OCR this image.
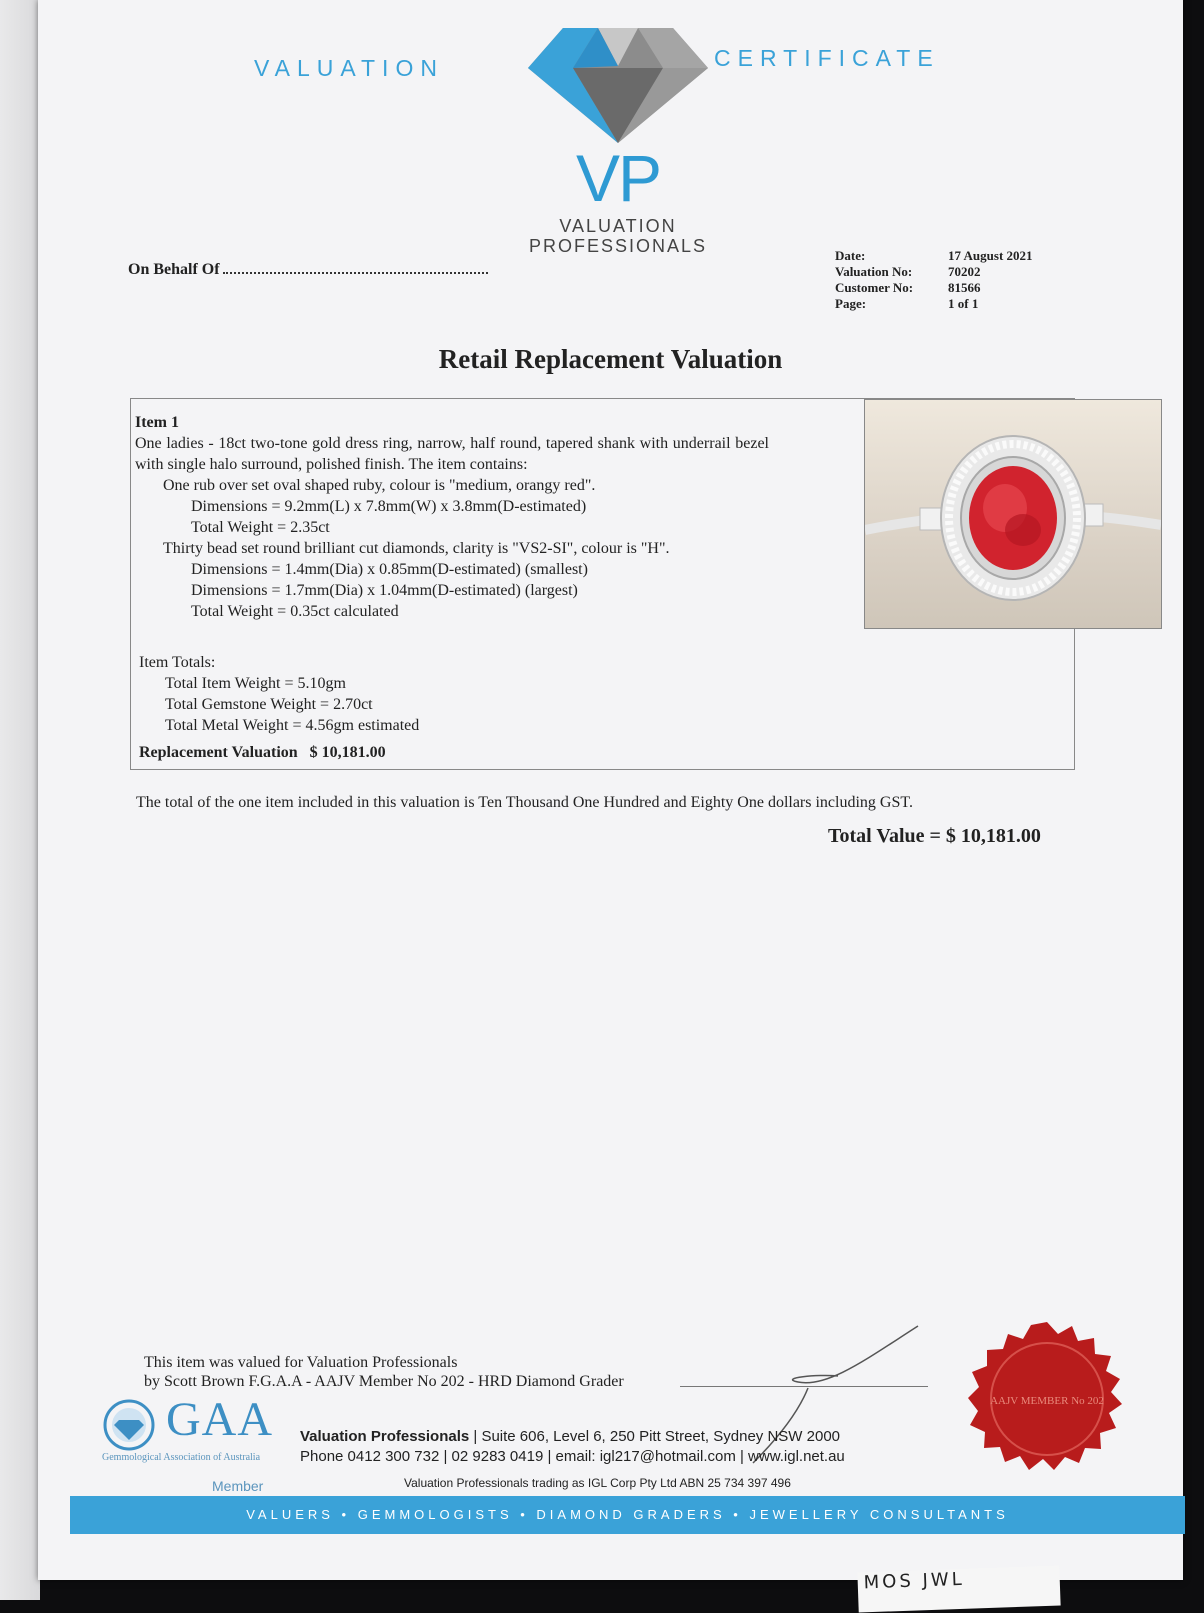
VALUATION	CERTIFICATE
VP
VALUATION
PROFESSIONALS
On Behalf Of
Date:	17 August 2021
Valuation No:	70202
Customer No:	81566
Page:	1 of 1
Retail Replacement Valuation

Item 1

One ladies - 18ct two-tone gold dress ring, narrow, half round, tapered shank with underrail bezel with single halo surround, polished finish. The item contains:

One rub over set oval shaped ruby, colour is "medium, orangy red".

Dimensions = 9.2mm(L) x 7.8mm(W) x 3.8mm(D-estimated)

Total Weight = 2.35ct

Thirty bead set round brilliant cut diamonds, clarity is "VS2-SI", colour is "H".

Dimensions = 1.4mm(Dia) x 0.85mm(D-estimated) (smallest)

Dimensions = 1.7mm(Dia) x 1.04mm(D-estimated) (largest)

Total Weight = 0.35ct calculated

Item Totals:
Total Item Weight = 5.10gm
Total Gemstone Weight = 2.70ct
Total Metal Weight = 4.56gm estimated
Replacement Valuation $ 10,181.00
The total of the one item included in this valuation is Ten Thousand One Hundred and Eighty One dollars including GST.
Total Value = $ 10,181.00
This item was valued for Valuation Professionals
by Scott Brown F.G.A.A - AAJV Member No 202 - HRD Diamond Grader
GAA
Gemmological Association of Australia
Member
Valuation Professionals | Suite 606, Level 6, 250 Pitt Street, Sydney NSW 2000
Phone 0412 300 732 | 02 9283 0419 | email: igl217@hotmail.com | www.igl.net.au
Valuation Professionals trading as IGL Corp Pty Ltd ABN 25 734 397 496
AAJV MEMBER No 202
VALUERS • GEMMOLOGISTS • DIAMOND GRADERS • JEWELLERY CONSULTANTS
MOS JWL
